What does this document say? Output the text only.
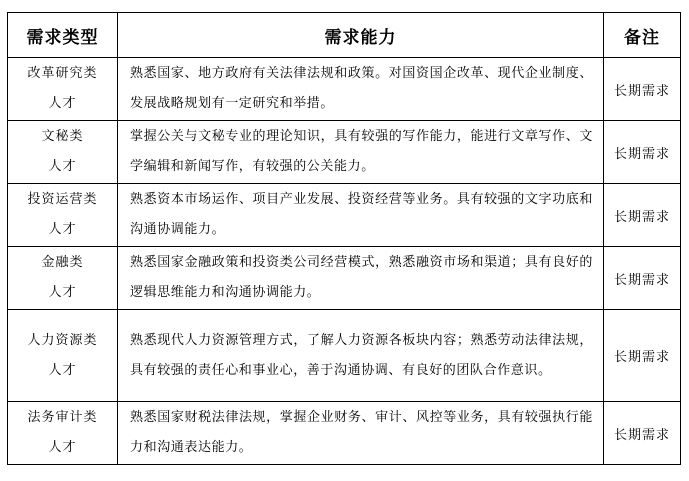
需求类型	需求能力	备注

改革研究类
人才	熟悉国家、地方政府有关法律法规和政策。对国资国企改革、现代企业制度、发展战略规划有一定研究和举措。	长期需求

文秘类
人才	掌握公关与文秘专业的理论知识，具有较强的写作能力，能进行文章写作、文学编辑和新闻写作，有较强的公关能力。	长期需求

投资运营类
人才	熟悉资本市场运作、项目产业发展、投资经营等业务。具有较强的文字功底和沟通协调能力。	长期需求

金融类
人才	熟悉国家金融政策和投资类公司经营模式，熟悉融资市场和渠道；具有良好的逻辑思维能力和沟通协调能力。	长期需求

人力资源类
人才	熟悉现代人力资源管理方式，了解人力资源各板块内容；熟悉劳动法律法规，具有较强的责任心和事业心，善于沟通协调、有良好的团队合作意识。	长期需求

法务审计类
人才	熟悉国家财税法律法规，掌握企业财务、审计、风控等业务，具有较强执行能力和沟通表达能力。	长期需求
